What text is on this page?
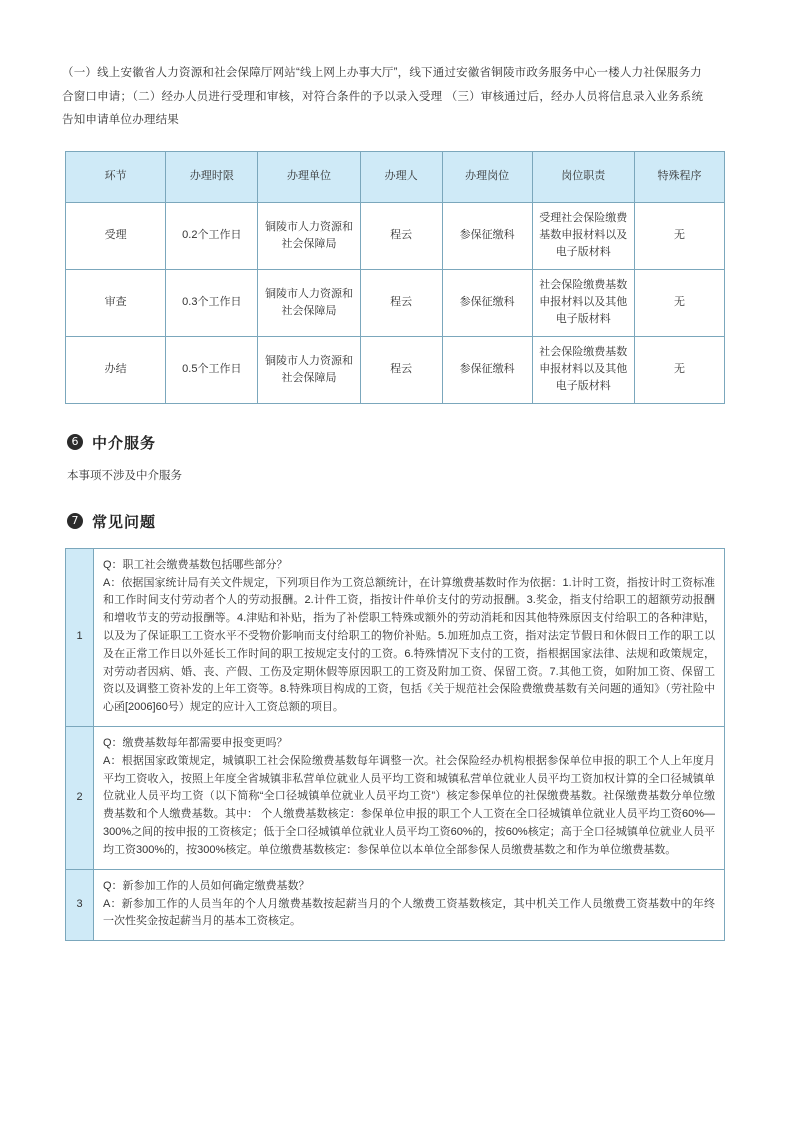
（一）线上安徽省人力资源和社会保障厅网站“线上网上办事大厅”，线下通过安徽省铜陵市政务服务中心一楼人力社保服务力
合窗口申请；（二）经办人员进行受理和审核，对符合条件的予以录入受理 （三）审核通过后，经办人员将信息录入业务系统
告知申请单位办理结果
环节	办理时限	办理单位	办理人	办理岗位	岗位职责	特殊程序
受理	0.2个工作日	铜陵市人力资源和社会保障局	程云	参保征缴科	受理社会保险缴费基数申报材料以及电子版材料	无
审查	0.3个工作日	铜陵市人力资源和社会保障局	程云	参保征缴科	社会保险缴费基数申报材料以及其他电子版材料	无
办结	0.5个工作日	铜陵市人力资源和社会保障局	程云	参保征缴科	社会保险缴费基数申报材料以及其他电子版材料	无
6 中介服务
本事项不涉及中介服务
7 常见问题
1	Q：职工社会缴费基数包括哪些部分？
A：依据国家统计局有关文件规定，下列项目作为工资总额统计，在计算缴费基数时作为依据：1.计时工资，指按计时工资标准和工作时间支付劳动者个人的劳动报酬。2.计件工资，指按计件单价支付的劳动报酬。3.奖金，指支付给职工的超额劳动报酬和增收节支的劳动报酬等。4.津贴和补贴，指为了补偿职工特殊或额外的劳动消耗和因其他特殊原因支付给职工的各种津贴，以及为了保证职工工资水平不受物价影响而支付给职工的物价补贴。5.加班加点工资，指对法定节假日和休假日工作的职工以及在正常工作日以外延长工作时间的职工按规定支付的工资。6.特殊情况下支付的工资，指根据国家法律、法规和政策规定，对劳动者因病、婚、丧、产假、工伤及定期休假等原因职工的工资及附加工资、保留工资。7.其他工资，如附加工资、保留工资以及调整工资补发的上年工资等。8.特殊项目构成的工资，包括《关于规范社会保险费缴费基数有关问题的通知》（劳社险中心函[2006]60号）规定的应计入工资总额的项目。

2	Q：缴费基数每年都需要申报变更吗？
A：根据国家政策规定，城镇职工社会保险缴费基数每年调整一次。社会保险经办机构根据参保单位申报的职工个人上年度月平均工资收入，按照上年度全省城镇非私营单位就业人员平均工资和城镇私营单位就业人员平均工资加权计算的全口径城镇单位就业人员平均工资（以下简称“全口径城镇单位就业人员平均工资”）核定参保单位的社保缴费基数。社保缴费基数分单位缴费基数和个人缴费基数。其中： 个人缴费基数核定：参保单位申报的职工个人工资在全口径城镇单位就业人员平均工资60%—300%之间的按申报的工资核定；低于全口径城镇单位就业人员平均工资60%的，按60%核定；高于全口径城镇单位就业人员平均工资300%的，按300%核定。单位缴费基数核定：参保单位以本单位全部参保人员缴费基数之和作为单位缴费基数。

3	Q：新参加工作的人员如何确定缴费基数？
A：新参加工作的人员当年的个人月缴费基数按起薪当月的个人缴费工资基数核定，其中机关工作人员缴费工资基数中的年终一次性奖金按起薪当月的基本工资核定。
